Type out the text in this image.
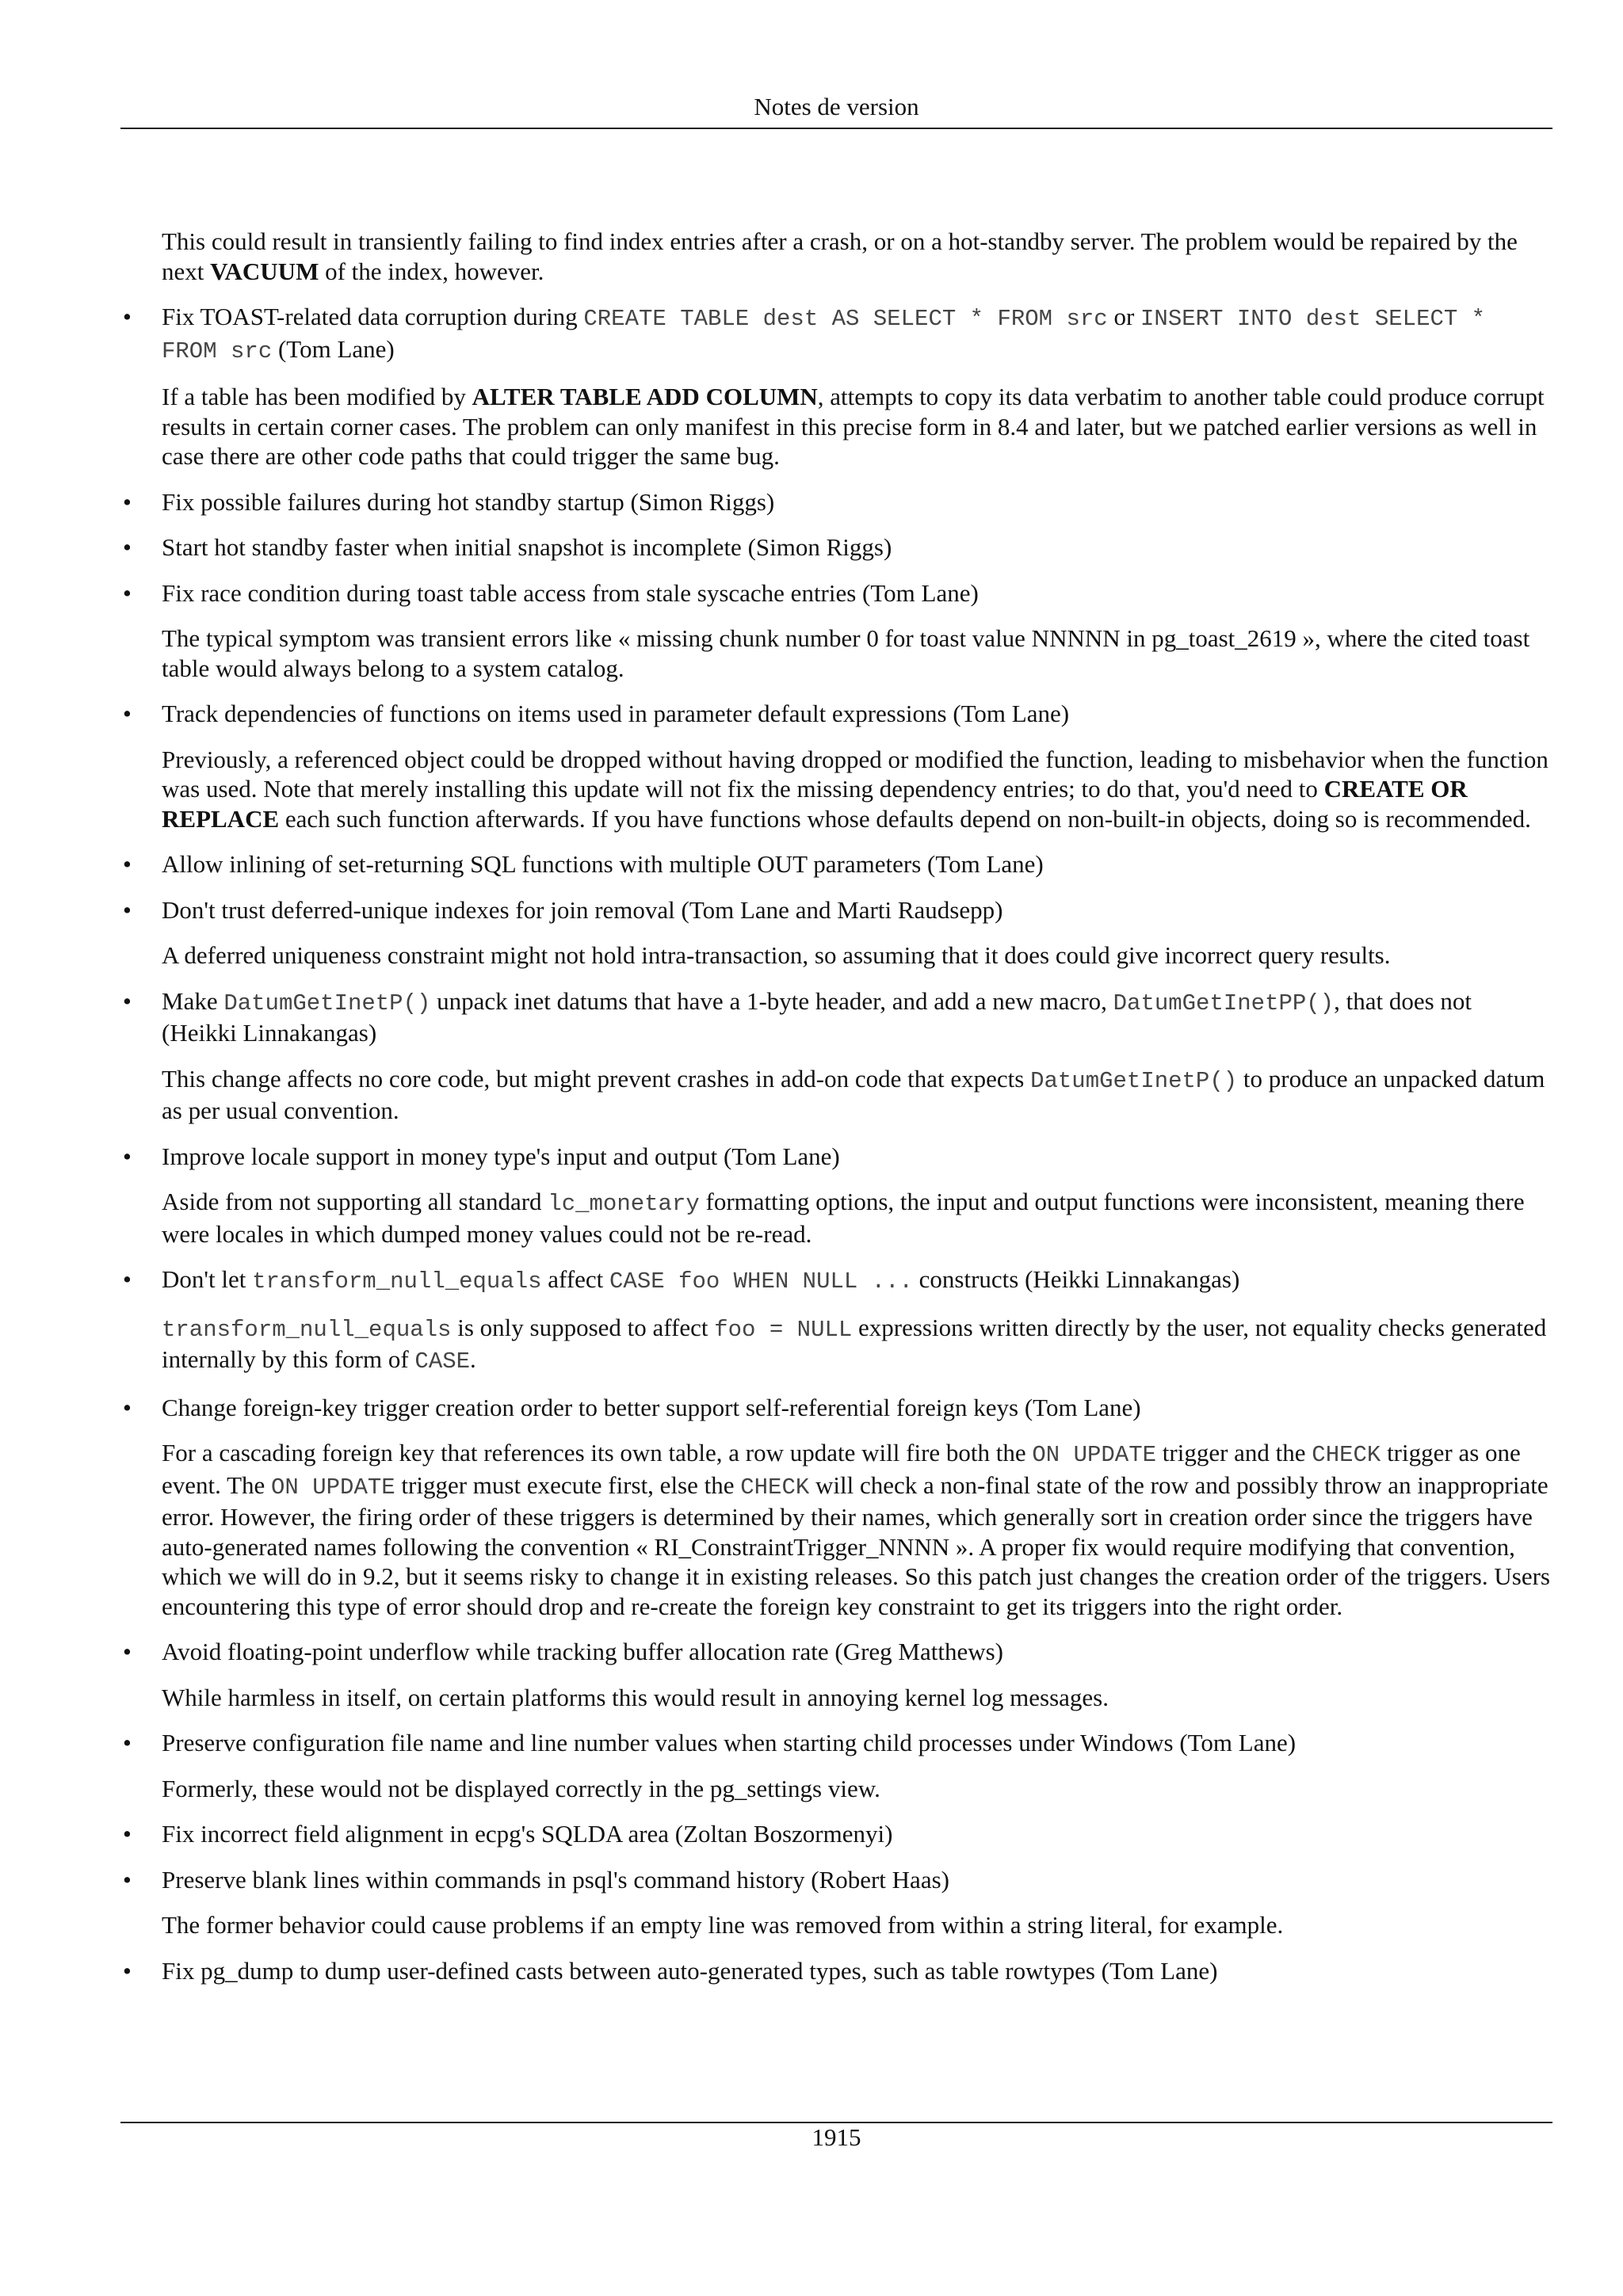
Notes de version
This could result in transiently failing to find index entries after a crash, or on a hot-standby server. The problem would be repaired by the next VACUUM of the index, however.
• Fix TOAST-related data corruption during CREATE TABLE dest AS SELECT * FROM src or INSERT INTO dest SELECT * FROM src (Tom Lane)
If a table has been modified by ALTER TABLE ADD COLUMN, attempts to copy its data verbatim to another table could produce corrupt results in certain corner cases. The problem can only manifest in this precise form in 8.4 and later, but we patched earlier versions as well in case there are other code paths that could trigger the same bug.
• Fix possible failures during hot standby startup (Simon Riggs)
• Start hot standby faster when initial snapshot is incomplete (Simon Riggs)
• Fix race condition during toast table access from stale syscache entries (Tom Lane)
The typical symptom was transient errors like « missing chunk number 0 for toast value NNNNN in pg_toast_2619 », where the cited toast table would always belong to a system catalog.
• Track dependencies of functions on items used in parameter default expressions (Tom Lane)
Previously, a referenced object could be dropped without having dropped or modified the function, leading to misbehavior when the function was used. Note that merely installing this update will not fix the missing dependency entries; to do that, you'd need to CREATE OR REPLACE each such function afterwards. If you have functions whose defaults depend on non-built-in objects, doing so is recommended.
• Allow inlining of set-returning SQL functions with multiple OUT parameters (Tom Lane)
• Don't trust deferred-unique indexes for join removal (Tom Lane and Marti Raudsepp)
A deferred uniqueness constraint might not hold intra-transaction, so assuming that it does could give incorrect query results.
• Make DatumGetInetP() unpack inet datums that have a 1-byte header, and add a new macro, DatumGetInetPP(), that does not (Heikki Linnakangas)
This change affects no core code, but might prevent crashes in add-on code that expects DatumGetInetP() to produce an unpacked datum as per usual convention.
• Improve locale support in money type's input and output (Tom Lane)
Aside from not supporting all standard lc_monetary formatting options, the input and output functions were inconsistent, meaning there were locales in which dumped money values could not be re-read.
• Don't let transform_null_equals affect CASE foo WHEN NULL ... constructs (Heikki Linnakangas)
transform_null_equals is only supposed to affect foo = NULL expressions written directly by the user, not equality checks generated internally by this form of CASE.
• Change foreign-key trigger creation order to better support self-referential foreign keys (Tom Lane)
For a cascading foreign key that references its own table, a row update will fire both the ON UPDATE trigger and the CHECK trigger as one event. The ON UPDATE trigger must execute first, else the CHECK will check a non-final state of the row and possibly throw an inappropriate error. However, the firing order of these triggers is determined by their names, which generally sort in creation order since the triggers have auto-generated names following the convention « RI_ConstraintTrigger_NNNN ». A proper fix would require modifying that convention, which we will do in 9.2, but it seems risky to change it in existing releases. So this patch just changes the creation order of the triggers. Users encountering this type of error should drop and re-create the foreign key constraint to get its triggers into the right order.
• Avoid floating-point underflow while tracking buffer allocation rate (Greg Matthews)
While harmless in itself, on certain platforms this would result in annoying kernel log messages.
• Preserve configuration file name and line number values when starting child processes under Windows (Tom Lane)
Formerly, these would not be displayed correctly in the pg_settings view.
• Fix incorrect field alignment in ecpg's SQLDA area (Zoltan Boszormenyi)
• Preserve blank lines within commands in psql's command history (Robert Haas)
The former behavior could cause problems if an empty line was removed from within a string literal, for example.
• Fix pg_dump to dump user-defined casts between auto-generated types, such as table rowtypes (Tom Lane)
1915
